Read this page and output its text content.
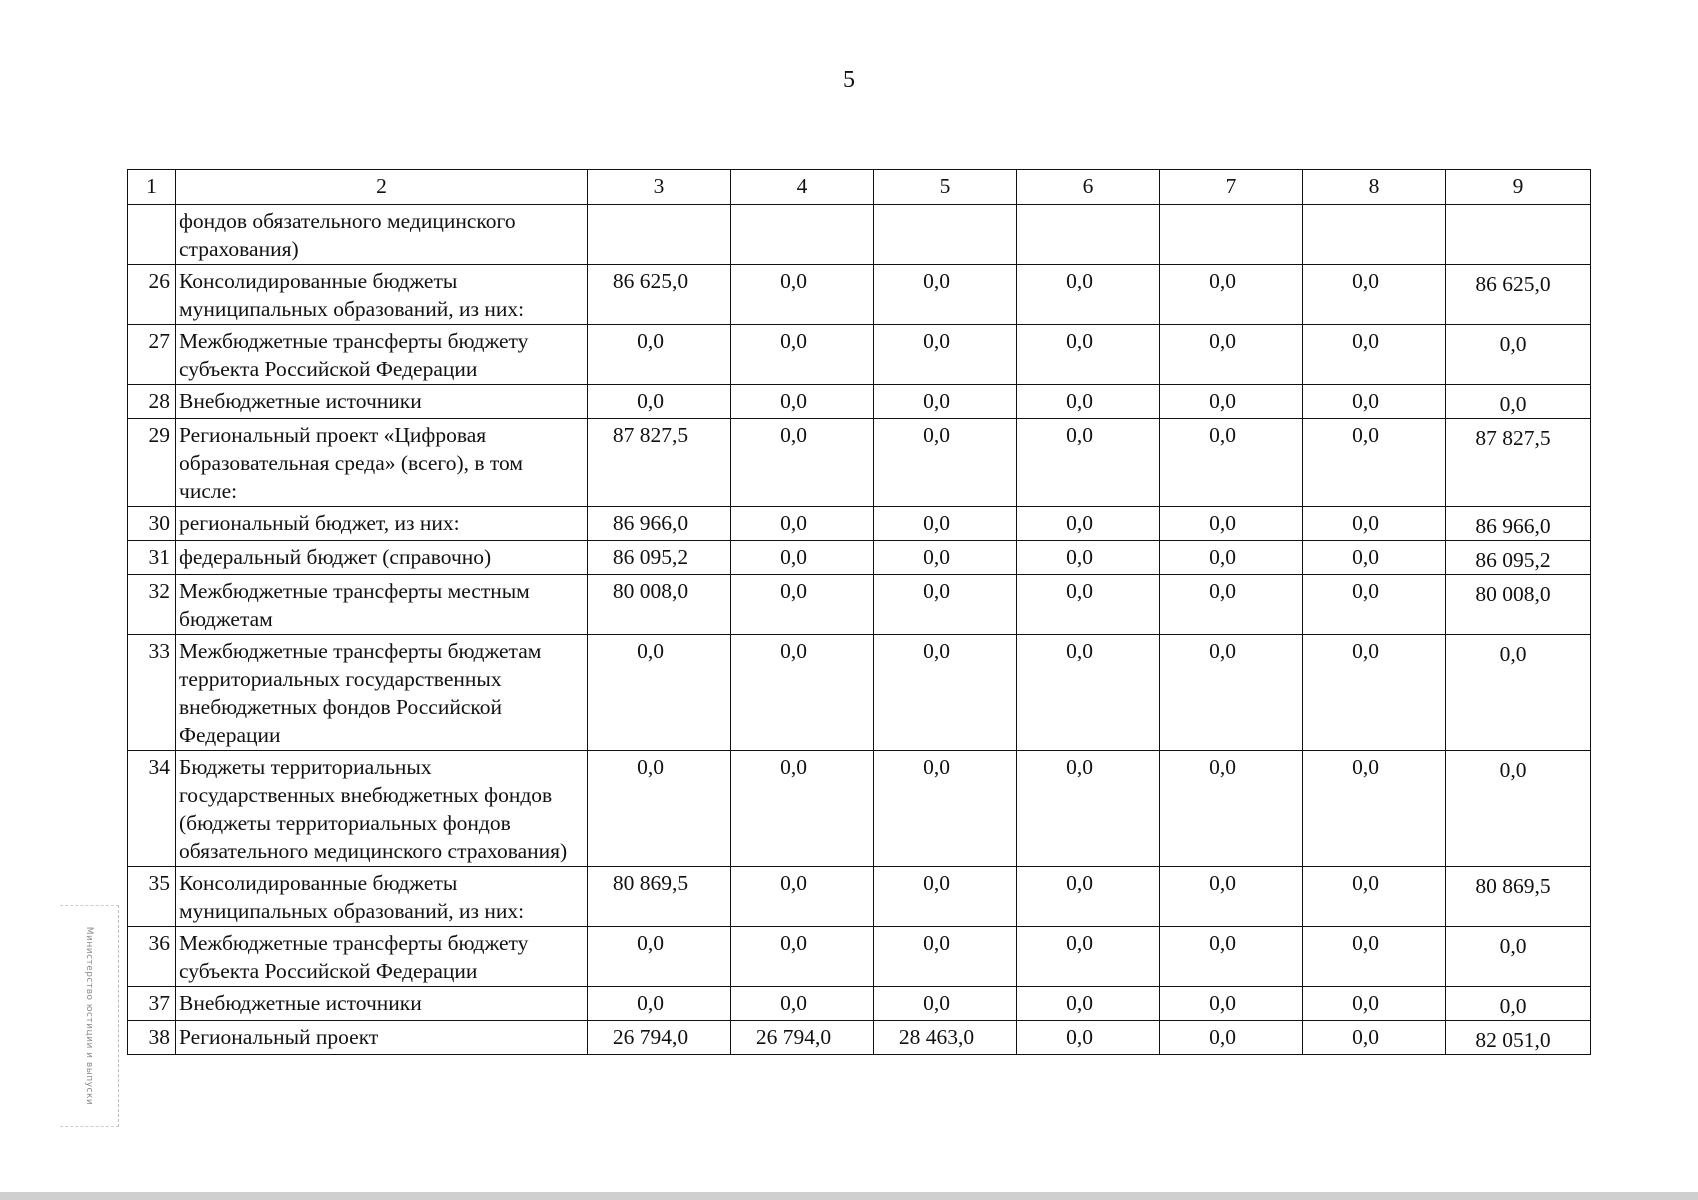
5
1	2	3	4	5	6	7	8	9
	фондов обязательного медицинского страхования)							
26	Консолидированные бюджеты муниципальных образований, из них:	86 625,0	0,0	0,0	0,0	0,0	0,0	86 625,0
27	Межбюджетные трансферты бюджету субъекта Российской Федерации	0,0	0,0	0,0	0,0	0,0	0,0	0,0
28	Внебюджетные источники	0,0	0,0	0,0	0,0	0,0	0,0	0,0
29	Региональный проект «Цифровая образовательная среда» (всего), в том числе:	87 827,5	0,0	0,0	0,0	0,0	0,0	87 827,5
30	региональный бюджет, из них:	86 966,0	0,0	0,0	0,0	0,0	0,0	86 966,0
31	федеральный бюджет (справочно)	86 095,2	0,0	0,0	0,0	0,0	0,0	86 095,2
32	Межбюджетные трансферты местным бюджетам	80 008,0	0,0	0,0	0,0	0,0	0,0	80 008,0
33	Межбюджетные трансферты бюджетам территориальных государственных внебюджетных фондов Российской Федерации	0,0	0,0	0,0	0,0	0,0	0,0	0,0
34	Бюджеты территориальных государственных внебюджетных фондов (бюджеты территориальных фондов обязательного медицинского страхования)	0,0	0,0	0,0	0,0	0,0	0,0	0,0
35	Консолидированные бюджеты муниципальных образований, из них:	80 869,5	0,0	0,0	0,0	0,0	0,0	80 869,5
36	Межбюджетные трансферты бюджету субъекта Российской Федерации	0,0	0,0	0,0	0,0	0,0	0,0	0,0
37	Внебюджетные источники	0,0	0,0	0,0	0,0	0,0	0,0	0,0
38	Региональный проект	26 794,0	26 794,0	28 463,0	0,0	0,0	0,0	82 051,0
Министерство юстиции и выпуски
